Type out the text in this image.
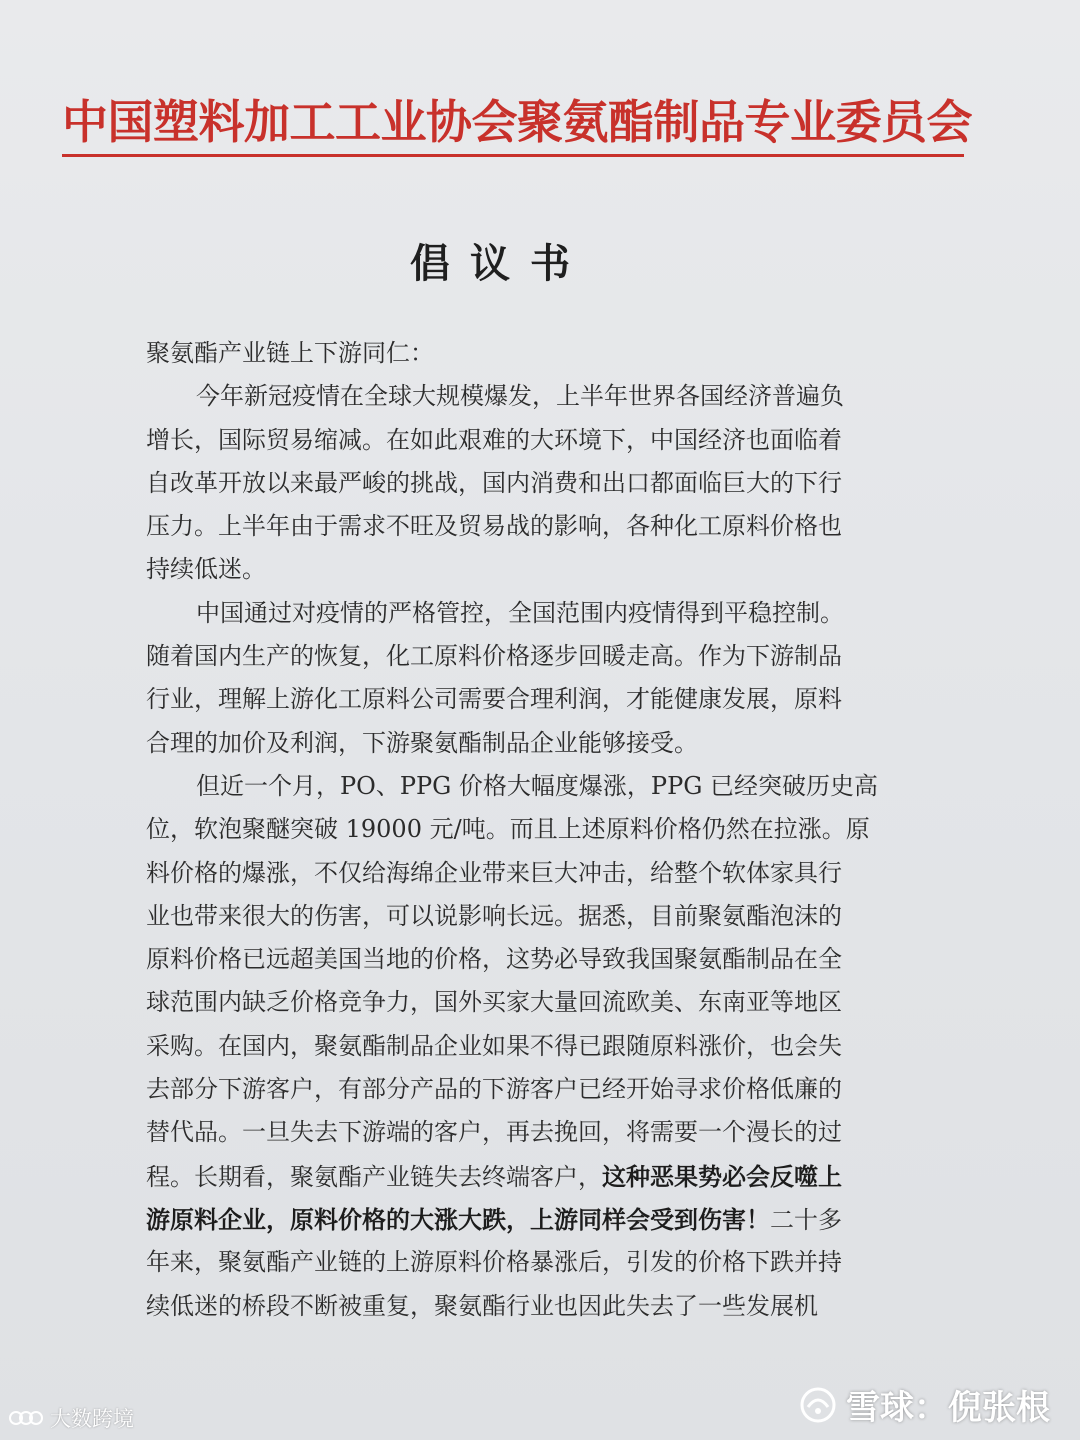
中国塑料加工工业协会聚氨酯制品专业委员会
倡议书
聚氨酯产业链上下游同仁：
今年新冠疫情在全球大规模爆发，上半年世界各国经济普遍负
增长，国际贸易缩减。在如此艰难的大环境下，中国经济也面临着
自改革开放以来最严峻的挑战，国内消费和出口都面临巨大的下行
压力。上半年由于需求不旺及贸易战的影响，各种化工原料价格也
持续低迷。
中国通过对疫情的严格管控，全国范围内疫情得到平稳控制。
随着国内生产的恢复，化工原料价格逐步回暖走高。作为下游制品
行业，理解上游化工原料公司需要合理利润，才能健康发展，原料
合理的加价及利润，下游聚氨酯制品企业能够接受。
但近一个月，PO、PPG 价格大幅度爆涨，PPG 已经突破历史高
位，软泡聚醚突破 19000 元/吨。而且上述原料价格仍然在拉涨。原
料价格的爆涨，不仅给海绵企业带来巨大冲击，给整个软体家具行
业也带来很大的伤害，可以说影响长远。据悉，目前聚氨酯泡沫的
原料价格已远超美国当地的价格，这势必导致我国聚氨酯制品在全
球范围内缺乏价格竞争力，国外买家大量回流欧美、东南亚等地区
采购。在国内，聚氨酯制品企业如果不得已跟随原料涨价，也会失
去部分下游客户，有部分产品的下游客户已经开始寻求价格低廉的
替代品。一旦失去下游端的客户，再去挽回，将需要一个漫长的过
程。长期看，聚氨酯产业链失去终端客户，这种恶果势必会反噬上
游原料企业，原料价格的大涨大跌，上游同样会受到伤害！二十多
年来，聚氨酯产业链的上游原料价格暴涨后，引发的价格下跌并持
续低迷的桥段不断被重复，聚氨酯行业也因此失去了一些发展机
大数跨境	雪球：倪张根
